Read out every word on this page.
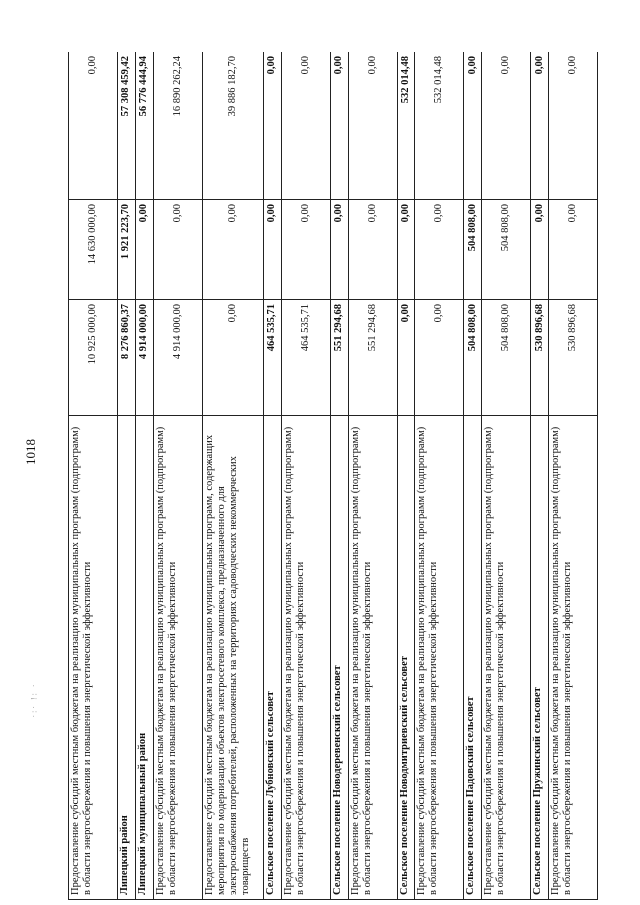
1018
·:· !: ·	Предоставление субсидий местным бюджетам на реализацию муниципальных программ (подпрограмм) в области энергосбережения и повышения энергетической эффективности	10 925 000,00	14 630 000,00	0,00
Липецкий район	8 276 860,37	1 921 223,70	57 308 459,42
Липецкий муниципальный район	4 914 000,00	0,00	56 776 444,94
Предоставление субсидий местным бюджетам на реализацию муниципальных программ (подпрограмм) в области энергосбережения и повышения энергетической эффективности	4 914 000,00	0,00	16 890 262,24
Предоставление субсидий местным бюджетам на реализацию муниципальных программ, содержащих мероприятия по модернизации объектов электросетевого комплекса, предназначенного для электроснабжения потребителей, расположенных на территориях садоводческих некоммерческих товариществ	0,00	0,00	39 886 182,70
Сельское поселение Лубновский сельсовет	464 535,71	0,00	0,00
Предоставление субсидий местным бюджетам на реализацию муниципальных программ (подпрограмм) в области энергосбережения и повышения энергетической эффективности	464 535,71	0,00	0,00
Сельское поселение Новодеревенский сельсовет	551 294,68	0,00	0,00
Предоставление субсидий местным бюджетам на реализацию муниципальных программ (подпрограмм) в области энергосбережения и повышения энергетической эффективности	551 294,68	0,00	0,00
Сельское поселение Новодмитриевский сельсовет	0,00	0,00	532 014,48
Предоставление субсидий местным бюджетам на реализацию муниципальных программ (подпрограмм) в области энергосбережения и повышения энергетической эффективности	0,00	0,00	532 014,48
Сельское поселение Падовский сельсовет	504 808,00	504 808,00	0,00
Предоставление субсидий местным бюджетам на реализацию муниципальных программ (подпрограмм) в области энергосбережения и повышения энергетической эффективности	504 808,00	504 808,00	0,00
Сельское поселение Пружинский сельсовет	530 896,68	0,00	0,00
Предоставление субсидий местным бюджетам на реализацию муниципальных программ (подпрограмм) в области энергосбережения и повышения энергетической эффективности	530 896,68	0,00	0,00
